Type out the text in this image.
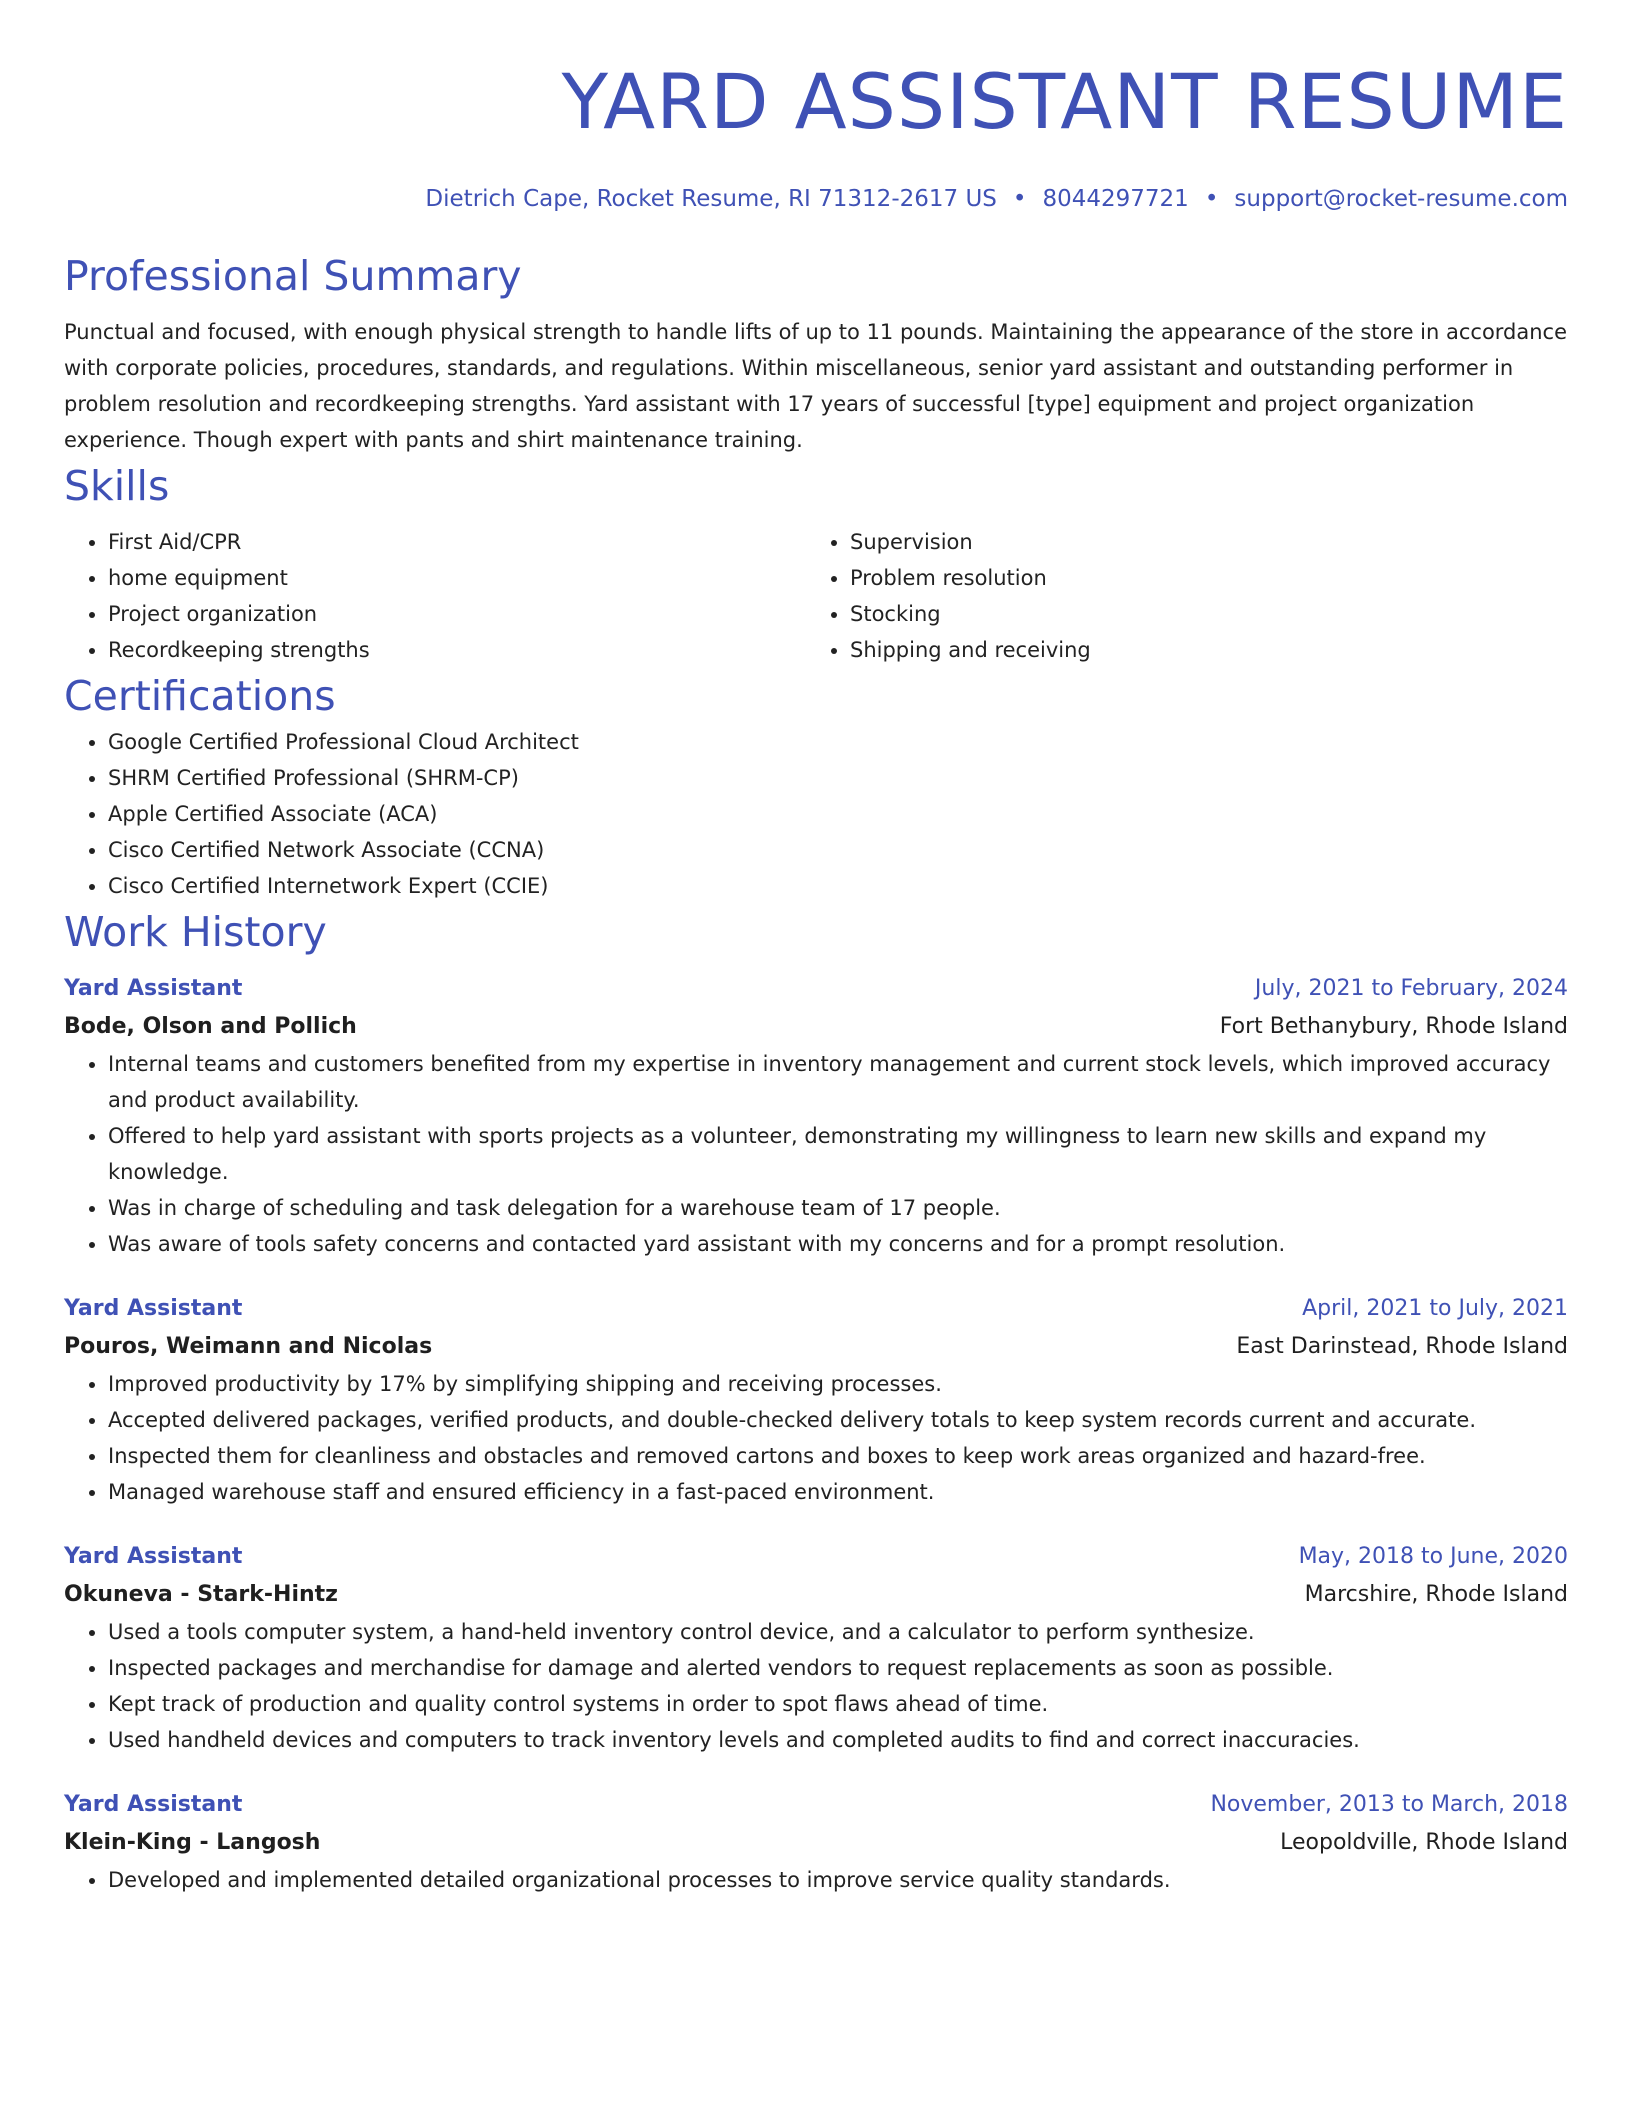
YARD ASSISTANT RESUME
Dietrich Cape, Rocket Resume, RI 71312-2617 US • 8044297721 • support@rocket-resume.com
Professional Summary

Punctual and focused, with enough physical strength to handle lifts of up to 11 pounds. Maintaining the appearance of the store in accordance with corporate policies, procedures, standards, and regulations. Within miscellaneous, senior yard assistant and outstanding performer in problem resolution and recordkeeping strengths. Yard assistant with 17 years of successful [type] equipment and project organization experience. Though expert with pants and shirt maintenance training.

Skills
• First Aid/CPR
• home equipment
• Project organization
• Recordkeeping strengths
• Supervision
• Problem resolution
• Stocking
• Shipping and receiving
Certifications
• Google Certified Professional Cloud Architect
• SHRM Certified Professional (SHRM-CP)
• Apple Certified Associate (ACA)
• Cisco Certified Network Associate (CCNA)
• Cisco Certified Internetwork Expert (CCIE)
Work History
Yard Assistant	July, 2021 to February, 2024
Bode, Olson and Pollich	Fort Bethanybury, Rhode Island
• Internal teams and customers benefited from my expertise in inventory management and current stock levels, which improved accuracy and product availability.
• Offered to help yard assistant with sports projects as a volunteer, demonstrating my willingness to learn new skills and expand my knowledge.
• Was in charge of scheduling and task delegation for a warehouse team of 17 people.
• Was aware of tools safety concerns and contacted yard assistant with my concerns and for a prompt resolution.
Yard Assistant	April, 2021 to July, 2021
Pouros, Weimann and Nicolas	East Darinstead, Rhode Island
• Improved productivity by 17% by simplifying shipping and receiving processes.
• Accepted delivered packages, verified products, and double-checked delivery totals to keep system records current and accurate.
• Inspected them for cleanliness and obstacles and removed cartons and boxes to keep work areas organized and hazard-free.
• Managed warehouse staff and ensured efficiency in a fast-paced environment.
Yard Assistant	May, 2018 to June, 2020
Okuneva - Stark-Hintz	Marcshire, Rhode Island
• Used a tools computer system, a hand-held inventory control device, and a calculator to perform synthesize.
• Inspected packages and merchandise for damage and alerted vendors to request replacements as soon as possible.
• Kept track of production and quality control systems in order to spot flaws ahead of time.
• Used handheld devices and computers to track inventory levels and completed audits to find and correct inaccuracies.
Yard Assistant	November, 2013 to March, 2018
Klein-King - Langosh	Leopoldville, Rhode Island
• Developed and implemented detailed organizational processes to improve service quality standards.
